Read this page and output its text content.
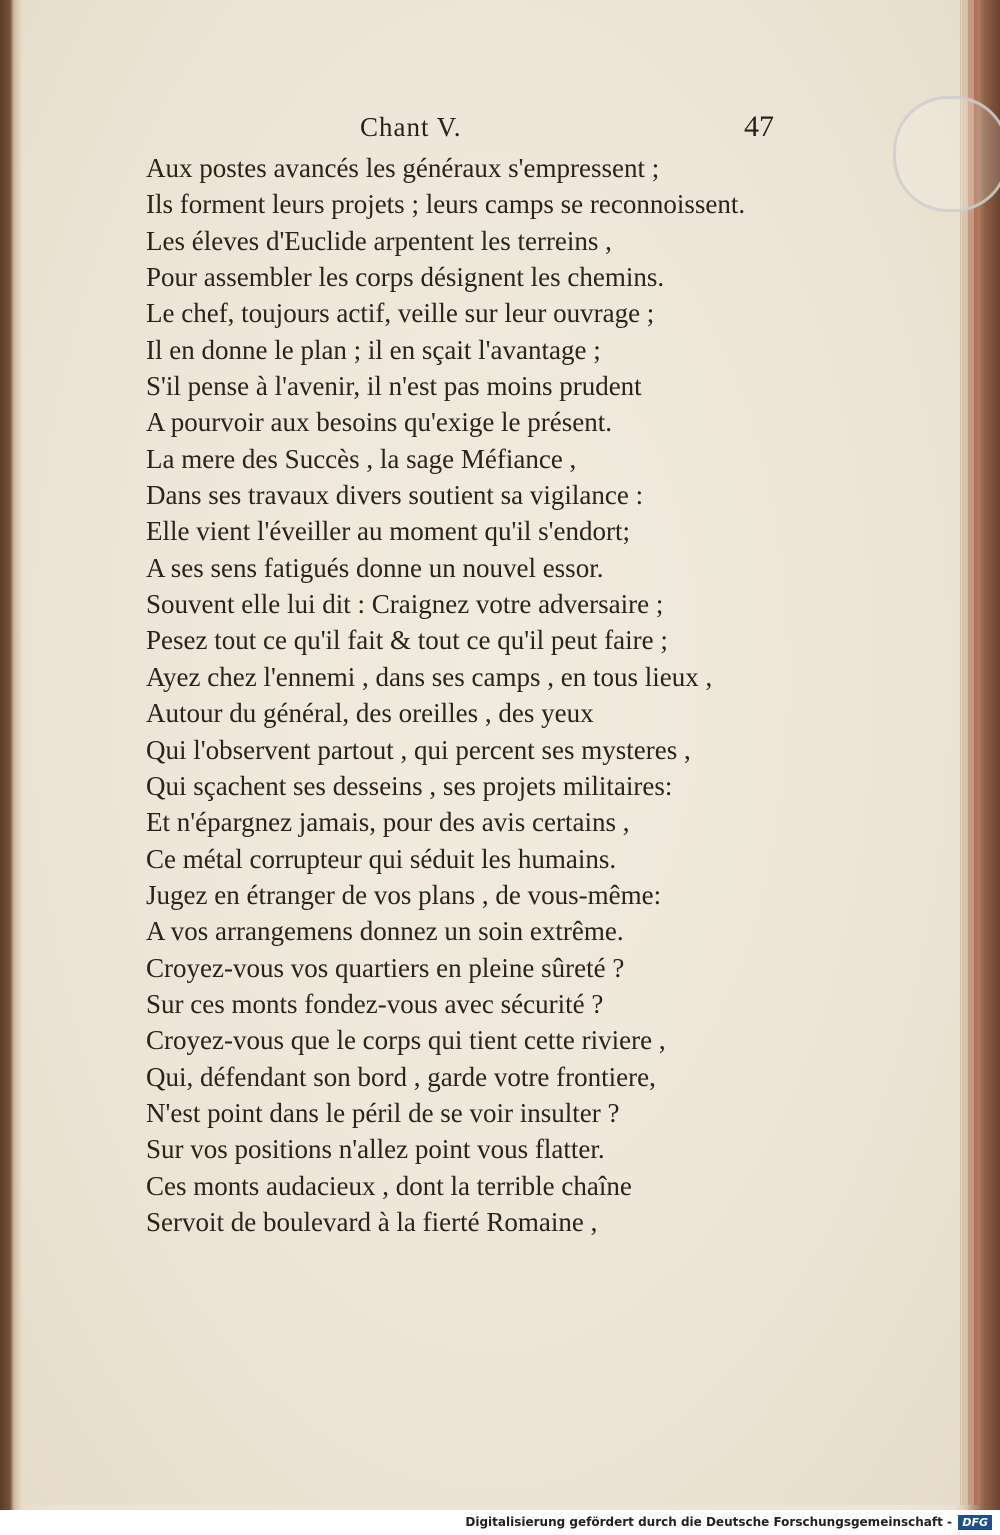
Chant V.	47
Aux postes avancés les généraux s'empressent ;
Ils forment leurs projets ; leurs camps se reconnoissent.
Les éleves d'Euclide arpentent les terreins ,
Pour assembler les corps désignent les chemins.
Le chef, toujours actif, veille sur leur ouvrage ;
Il en donne le plan ; il en sçait l'avantage ;
S'il pense à l'avenir, il n'est pas moins prudent
A pourvoir aux besoins qu'exige le présent.
La mere des Succès , la sage Méfiance ,
Dans ses travaux divers soutient sa vigilance :
Elle vient l'éveiller au moment qu'il s'endort;
A ses sens fatigués donne un nouvel essor.
Souvent elle lui dit : Craignez votre adversaire ;
Pesez tout ce qu'il fait & tout ce qu'il peut faire ;
Ayez chez l'ennemi , dans ses camps , en tous lieux ,
Autour du général, des oreilles , des yeux
Qui l'observent partout , qui percent ses mysteres ,
Qui sçachent ses desseins , ses projets militaires:
Et n'épargnez jamais, pour des avis certains ,
Ce métal corrupteur qui séduit les humains.
Jugez en étranger de vos plans , de vous-même:
A vos arrangemens donnez un soin extrême.
Croyez-vous vos quartiers en pleine sûreté ?
Sur ces monts fondez-vous avec sécurité ?
Croyez-vous que le corps qui tient cette riviere ,
Qui, défendant son bord , garde votre frontiere,
N'est point dans le péril de se voir insulter ?
Sur vos positions n'allez point vous flatter.
Ces monts audacieux , dont la terrible chaîne
Servoit de boulevard à la fierté Romaine ,
Digitalisierung gefördert durch die Deutsche Forschungsgemeinschaft - DFG
